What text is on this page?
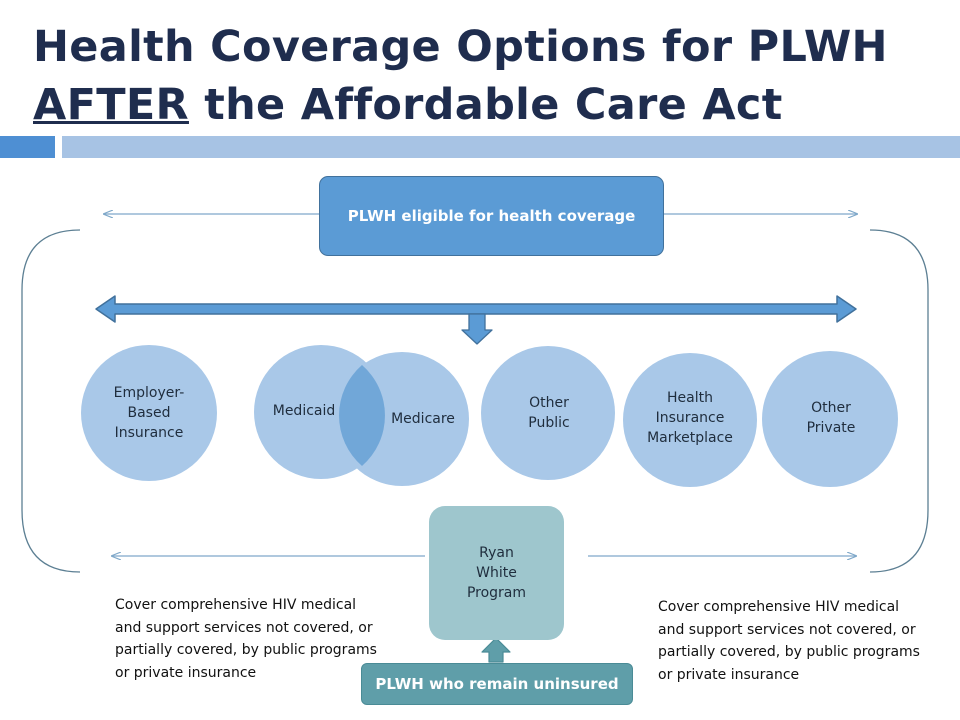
Health Coverage Options for PLWH
AFTER the Affordable Care Act
PLWH eligible for health coverage
Employer-
Based
Insurance
Medicaid	Medicare
Other
Public
Health
Insurance
Marketplace
Other
Private
Ryan
White
Program
PLWH who remain uninsured
Cover comprehensive HIV medical and support services not covered, or partially covered, by public programs or private insurance
Cover comprehensive HIV medical and support services not covered, or partially covered, by public programs or private insurance
